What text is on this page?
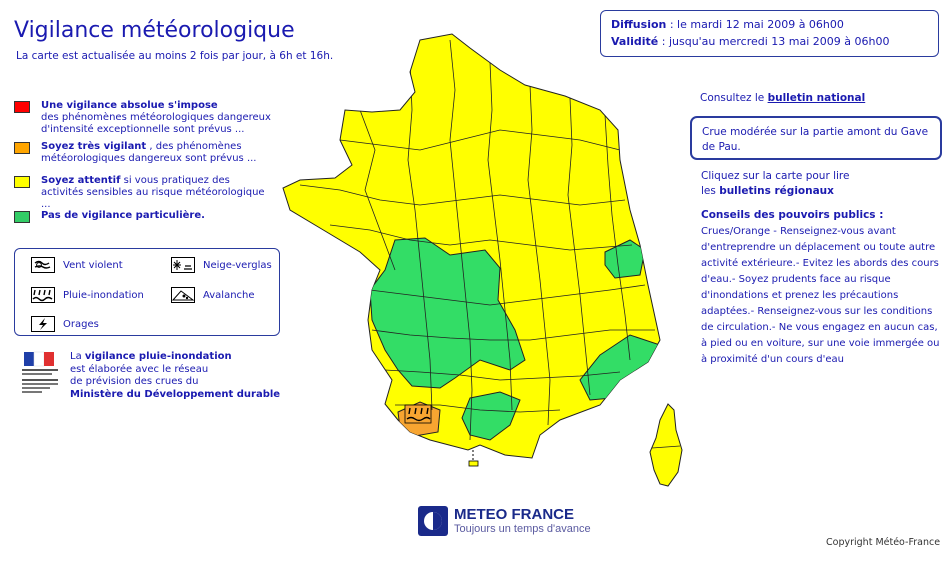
Vigilance météorologique
La carte est actualisée au moins 2 fois par jour, à 6h et 16h.
Diffusion : le mardi 12 mai 2009 à 06h00
Validité : jusqu'au mercredi 13 mai 2009 à 06h00
Une vigilance absolue s'impose
des phénomènes météorologiques dangereux d'intensité exceptionnelle sont prévus ...
Soyez très vigilant , des phénomènes météorologiques dangereux sont prévus ...
Soyez attentif si vous pratiquez des activités sensibles au risque météorologique ...
Pas de vigilance particulière.
Vent violent	Neige-verglas
Pluie-inondation	Avalanche
Orages
La vigilance pluie-inondation
est élaborée avec le réseau
de prévision des crues du
Ministère du Développement durable
Consultez le bulletin national
Crue modérée sur la partie amont du Gave de Pau.
Cliquez sur la carte pour lire
les bulletins régionaux
Conseils des pouvoirs publics :
Crues/Orange - Renseignez-vous avant d'entreprendre un déplacement ou toute autre activité extérieure.- Evitez les abords des cours d'eau.- Soyez prudents face au risque d'inondations et prenez les précautions adaptées.- Renseignez-vous sur les conditions de circulation.- Ne vous engagez en aucun cas, à pied ou en voiture, sur une voie immergée ou à proximité d'un cours d'eau
METEO FRANCE
Toujours un temps d'avance
Copyright Météo-France
